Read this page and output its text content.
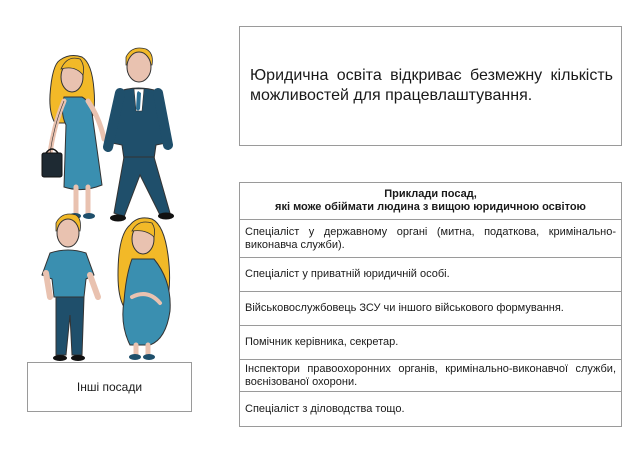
Юридична освіта відкриває безмежну кількість можливостей для працевлаштування.

Приклади посад,
які може обіймати людина з вищою юридичною освітою
Спеціаліст у державному органі (митна, податкова, кримінально-виконавча служби).
Спеціаліст у приватній юридичній особі.
Військовослужбовець ЗСУ чи іншого військового формування.
Помічник керівника, секретар.
Інспектори правоохоронних органів, кримінально-виконавчої служби, воєнізованої охорони.
Спеціаліст з діловодства тощо.
Інші посади
